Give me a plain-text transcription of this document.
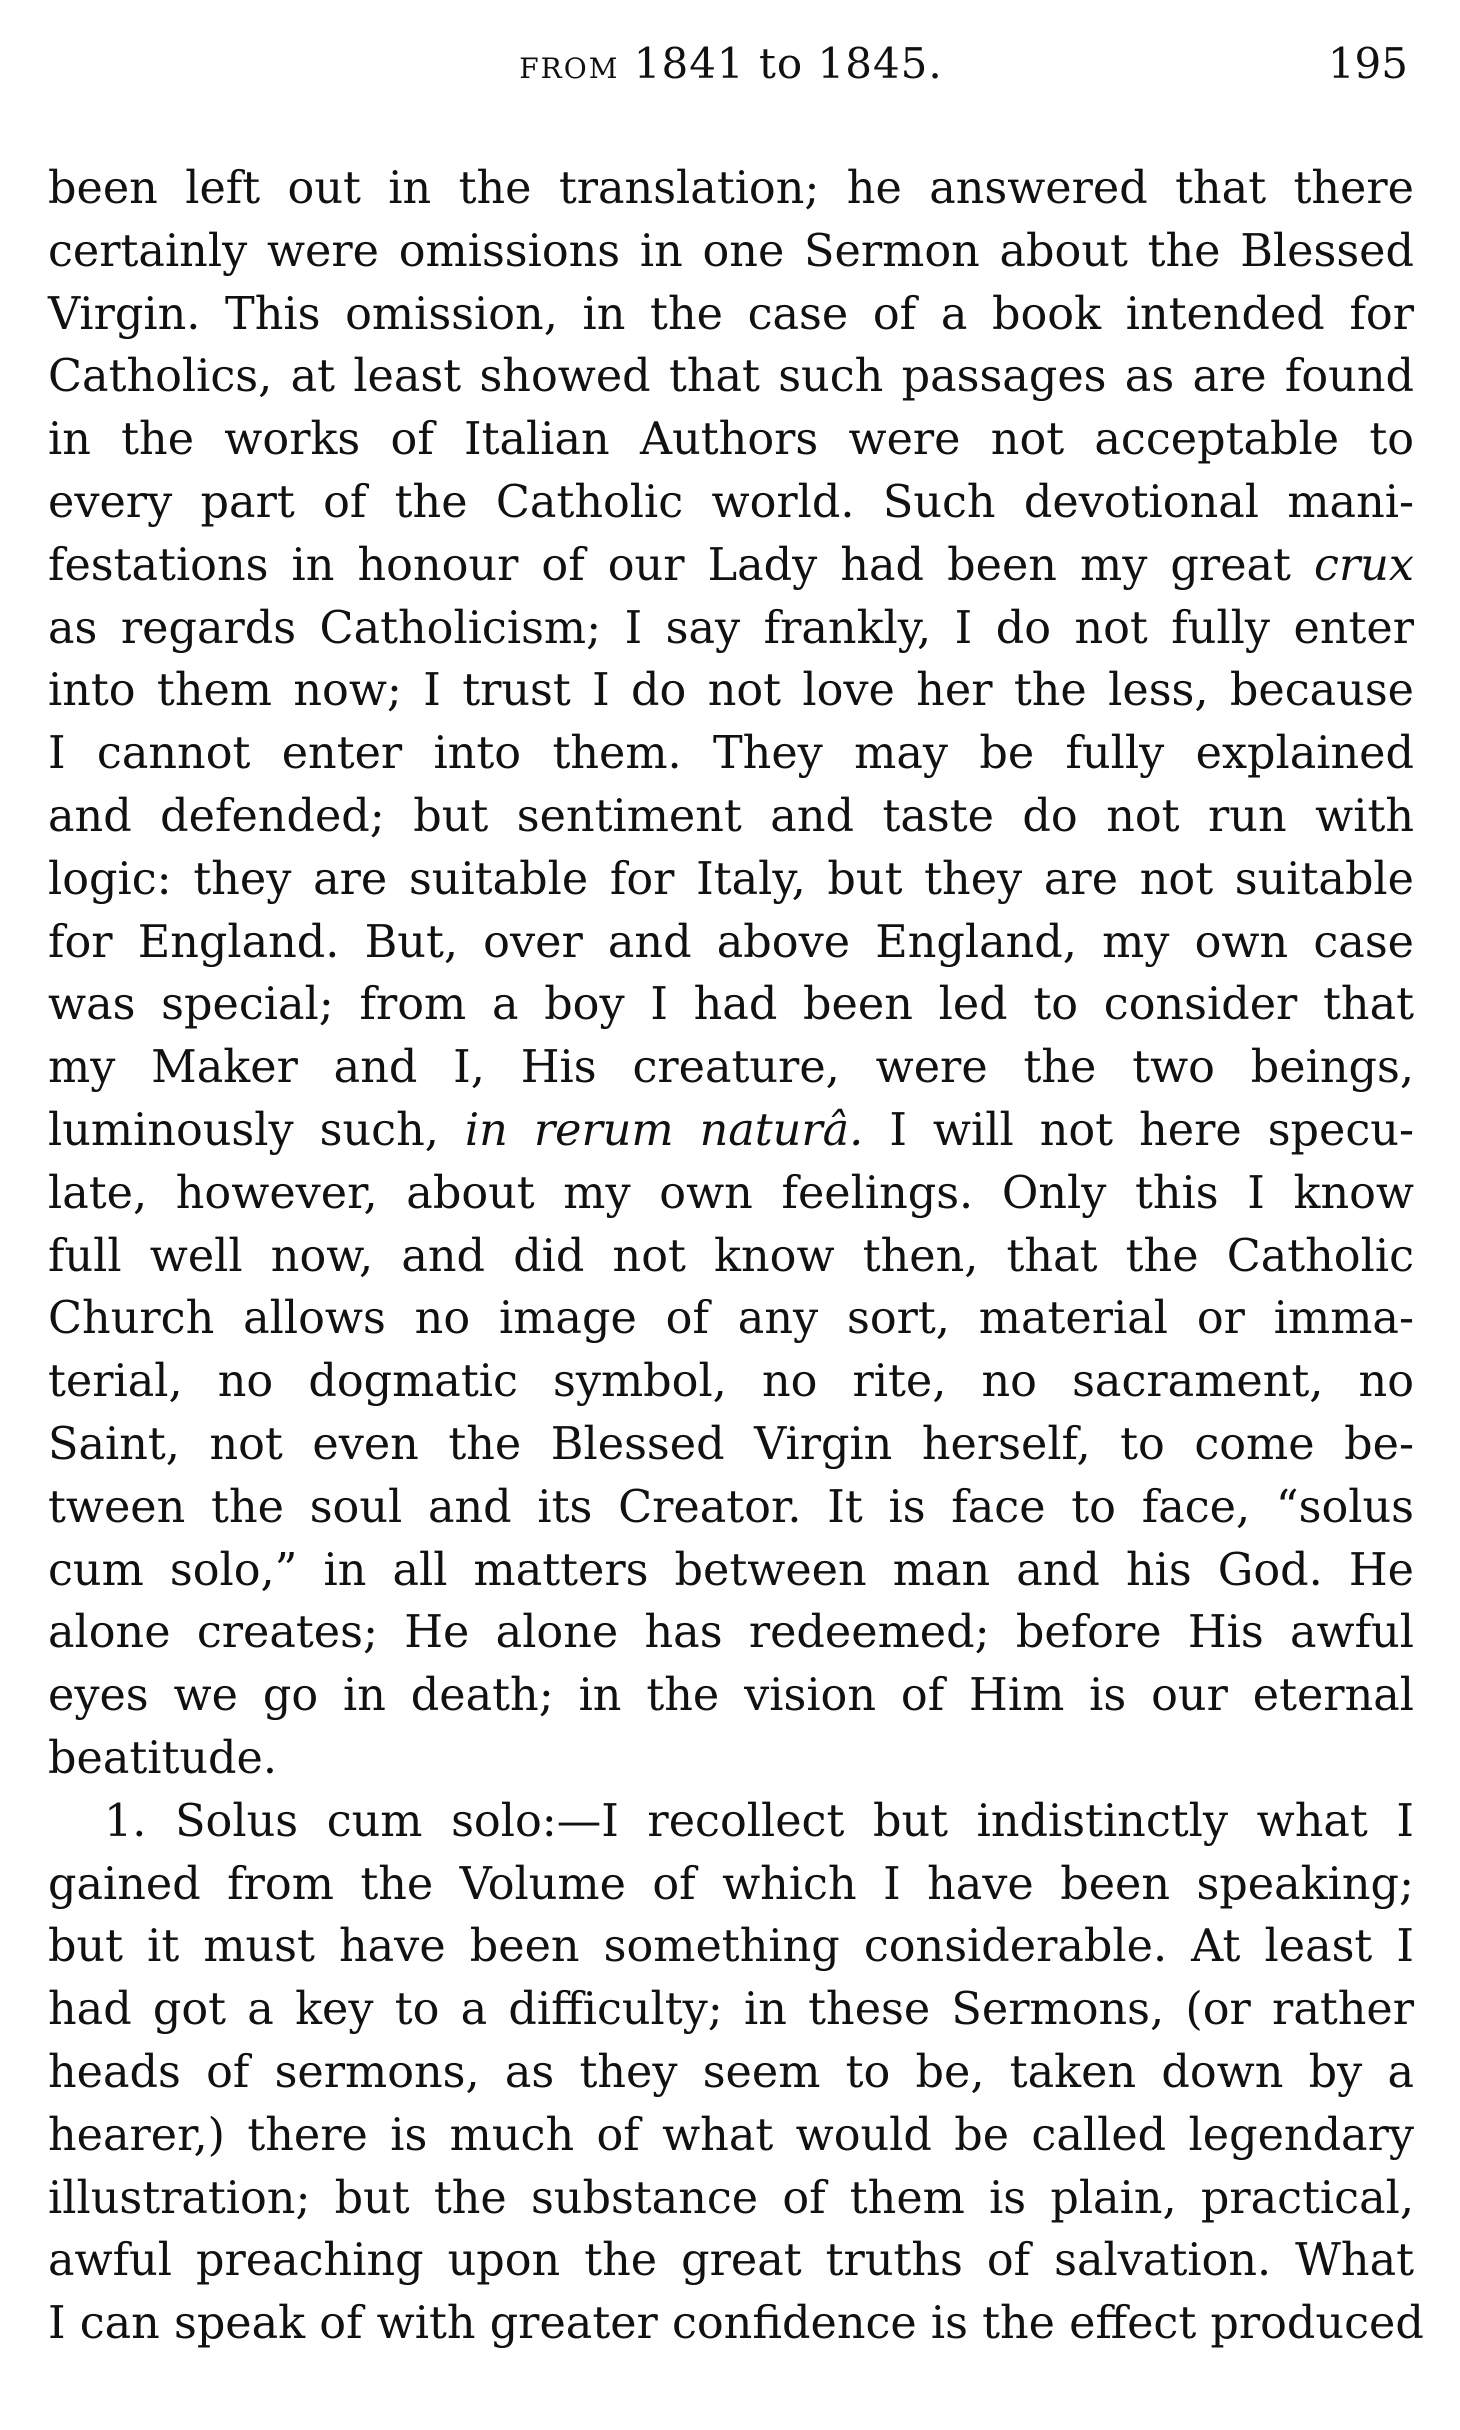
from 1841 to 1845.	195
been left out in the translation; he answered that there
certainly were omissions in one Sermon about the Blessed
Virgin. This omission, in the case of a book intended for
Catholics, at least showed that such passages as are found
in the works of Italian Authors were not acceptable to
every part of the Catholic world. Such devotional mani-
festations in honour of our Lady had been my great crux
as regards Catholicism; I say frankly, I do not fully enter
into them now; I trust I do not love her the less, because
I cannot enter into them. They may be fully explained
and defended; but sentiment and taste do not run with
logic: they are suitable for Italy, but they are not suitable
for England. But, over and above England, my own case
was special; from a boy I had been led to consider that
my Maker and I, His creature, were the two beings,
luminously such, in rerum naturâ. I will not here specu-
late, however, about my own feelings. Only this I know
full well now, and did not know then, that the Catholic
Church allows no image of any sort, material or imma-
terial, no dogmatic symbol, no rite, no sacrament, no
Saint, not even the Blessed Virgin herself, to come be-
tween the soul and its Creator. It is face to face, “solus
cum solo,” in all matters between man and his God. He
alone creates; He alone has redeemed; before His awful
eyes we go in death; in the vision of Him is our eternal
beatitude.
1. Solus cum solo:—I recollect but indistinctly what I
gained from the Volume of which I have been speaking;
but it must have been something considerable. At least I
had got a key to a difficulty; in these Sermons, (or rather
heads of sermons, as they seem to be, taken down by a
hearer,) there is much of what would be called legendary
illustration; but the substance of them is plain, practical,
awful preaching upon the great truths of salvation. What
I can speak of with greater confidence is the effect produced
